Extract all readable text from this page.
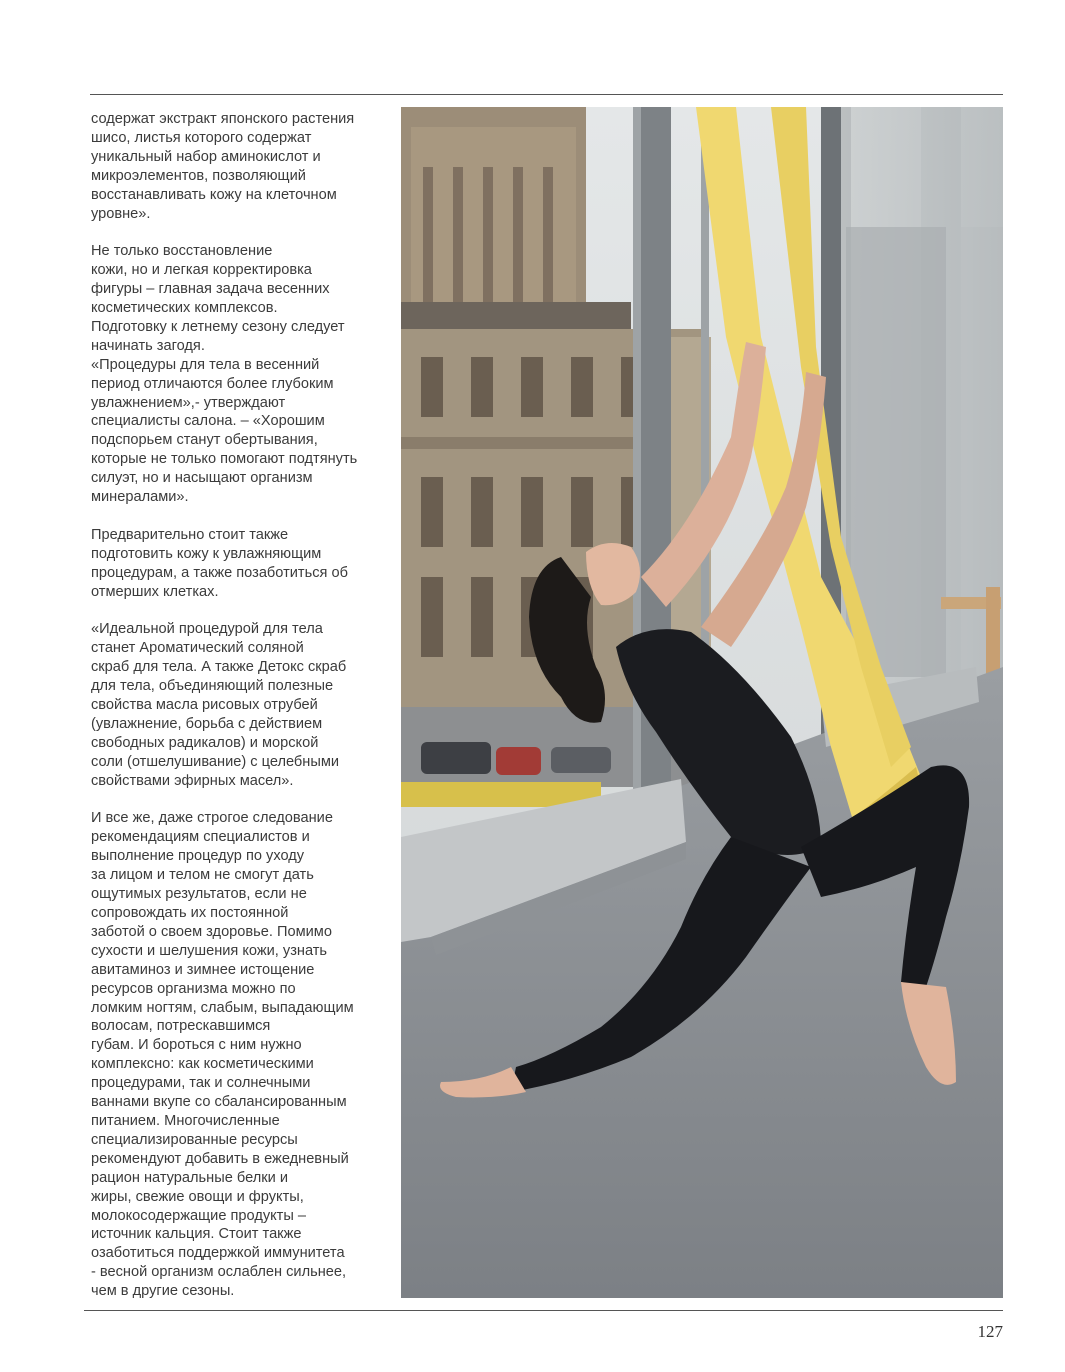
содержат экстракт японского растения
шисо, листья которого содержат
уникальный набор аминокислот и
микроэлементов, позволяющий
восстанавливать кожу на клеточном
уровне».

Не только восстановление
кожи, но и легкая корректировка
фигуры – главная задача весенних
косметических комплексов.
Подготовку к летнему сезону следует
начинать загодя.
«Процедуры для тела в весенний
период отличаются более глубоким
увлажнением»,- утверждают
специалисты салона. – «Хорошим
подспорьем станут обертывания,
которые не только помогают подтянуть
силуэт, но и насыщают организм
минералами».

Предварительно стоит также
подготовить кожу к увлажняющим
процедурам, а также позаботиться об
отмерших клетках.

«Идеальной процедурой для тела
станет Ароматический соляной
скраб для тела. А также Детокс скраб
для тела, объединяющий полезные
свойства масла рисовых отрубей
(увлажнение, борьба с действием
свободных радикалов) и морской
соли (отшелушивание) с целебными
свойствами эфирных масел».

И все же, даже строгое следование
рекомендациям специалистов и
выполнение процедур по уходу
за лицом и телом не смогут дать
ощутимых результатов, если не
сопровождать их постоянной
заботой о своем здоровье. Помимо
сухости и шелушения кожи, узнать
авитаминоз и зимнее истощение
ресурсов организма можно по
ломким ногтям, слабым, выпадающим
волосам, потрескавшимся
губам. И бороться с ним нужно
комплексно: как косметическими
процедурами, так и солнечными
ваннами вкупе со сбалансированным
питанием. Многочисленные
специализированные ресурсы
рекомендуют добавить в ежедневный
рацион натуральные белки и
жиры, свежие овощи и фрукты,
молокосодержащие продукты –
источник кальция. Стоит также
озаботиться поддержкой иммунитета
- весной организм ослаблен сильнее,
чем в другие сезоны.

127
